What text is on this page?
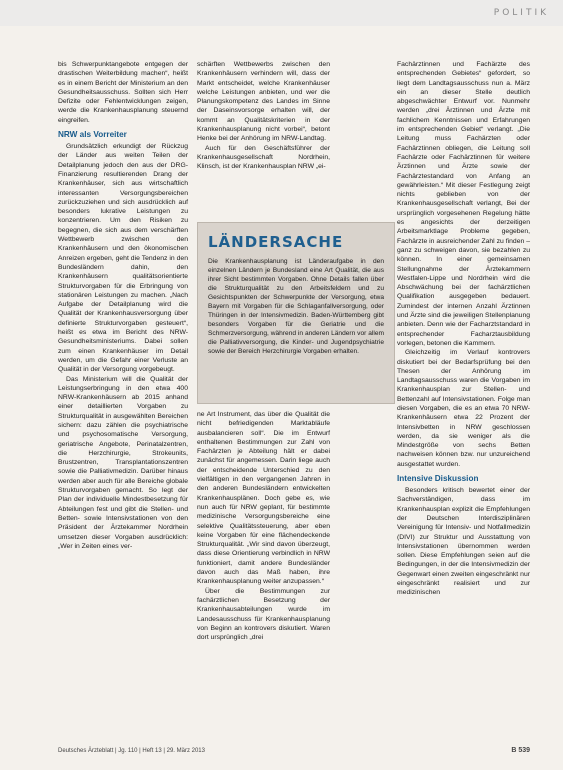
POLITIK

bis Schwerpunktangebote entgegen der drastischen Weiterbildung machen“, heißt es in einem Bericht der Ministerium an den Gesundheitsausschuss. Sollten sich Herr Defizite oder Fehlentwicklungen zeigen, werde die Krankenhausplanung steuernd eingreifen.

NRW als Vorreiter

Grundsätzlich erkundigt der Rückzug der Länder aus weiten Teilen der Detailplanung jedoch den aus der DRG-Finanzierung resultierenden Drang der Krankenhäuser, sich aus wirtschaftlich interessanten Versorgungsbereichen zurückzuziehen und sich ausdrücklich auf besonders lukrative Leistungen zu konzentrieren. Um den Risiken zu begegnen, die sich aus dem verschärften Wettbewerb zwischen den Krankenhäusern und den ökonomischen Anreizen ergeben, geht die Tendenz in den Bundesländern dahin, den Krankenhäusern qualitätsorientierte Strukturvorgaben für die Erbringung von stationären Leistungen zu machen. „Nach Aufgabe der Detailplanung wird die Qualität der Krankenhausversorgung über definierte Strukturvorgaben gesteuert“, heißt es etwa im Bericht des NRW-Gesundheitsministeriums. Dabei sollen zum einen Krankenhäuser im Detail werden, um die Gefahr einer Verluste an Qualität in der Versorgung vorgebeugt.

Das Ministerium will die Qualität der Leistungserbringung in den etwa 400 NRW-Krankenhäusern ab 2015 anhand einer detaillierten Vorgaben zu Strukturqualität in ausgewählten Bereichen sichern: dazu zählen die psychiatrische und psychosomatische Versorgung, geriatrische Angebote, Perinatalzentren, die Herzchirurgie, Strokeunits, Brustzentren, Transplantationszentren sowie die Palliativmedizin. Darüber hinaus werden aber auch für alle Bereiche globale Strukturvorgaben gemacht. So legt der Plan der individuelle Mindestbesetzung für Abteilungen fest und gibt die Stellen- und Betten- sowie Intensivstationen von den Präsident der Ärztekammer Nordrhein umsetzen dieser Vorgaben ausdrücklich: „Wer in Zeiten eines ver-

schärften Wettbewerbs zwischen den Krankenhäusern verhindern will, dass der Markt entscheidet, welche Krankenhäuser welche Leistungen anbieten, und wer die Planungskompetenz des Landes im Sinne der Daseinsvorsorge erhalten will, der kommt an Qualitätskriterien in der Krankenhausplanung nicht vorbei“, betont Henke bei der Anhörung im NRW-Landtag.

Auch für den Geschäftsführer der Krankenhausgesellschaft Nordrhein, Klinsch, ist der Krankenhausplan NRW „ei-

LÄNDERSACHE
Die Krankenhausplanung ist Länderaufgabe in den einzelnen Ländern je Bundesland eine Art Qualität, die aus ihrer Sicht bestimmten Vorgaben. Ohne Details fallen über die Strukturqualität zu den Arbeitsfeldern und zu Gesichtspunkten der Schwerpunkte der Versorgung, etwa Bayern mit Vorgaben für die Schlaganfallversorgung, oder Thüringen in der Intensivmedizin. Baden-Württemberg gibt besonders Vorgaben für die Geriatrie und die Schmerzversorgung, während in anderen Ländern vor allem die Palliativversorgung, die Kinder- und Jugendpsychiatrie sowie der Bereich Herzchirurgie Vorgaben erhalten.

ne Art Instrument, das über die Qualität die nicht befriedigenden Marktabläufe ausbalancieren soll“. Die im Entwurf enthaltenen Bestimmungen zur Zahl von Fachärzten je Abteilung hält er dabei zunächst für angemessen. Darin liege auch der entscheidende Unterschied zu den vielfältigen in den vergangenen Jahren in den anderen Bundesländern entwickelten Krankenhausplänen. Doch gebe es, wie nun auch für NRW geplant, für bestimmte medizinische Versorgungsbereiche eine selektive Qualitätssteuerung, aber eben keine Vorgaben für eine flächendeckende Strukturqualität. „Wir sind davon überzeugt, dass diese Orientierung verbindlich in NRW funktioniert, damit andere Bundesländer davon auch das Maß haben, ihre Krankenhausplanung weiter anzupassen.“

Über die Bestimmungen zur fachärztlichen Besetzung der Krankenhausabteilungen wurde im Landesausschuss für Krankenhausplanung von Beginn an kontrovers diskutiert. Waren dort ursprünglich „drei

Fachärztinnen und Fachärzte des entsprechenden Gebietes“ gefordert, so liegt dem Landtagsausschuss nun a. März ein an dieser Stelle deutlich abgeschwächter Entwurf vor. Nunmehr werden „drei Ärztinnen und Ärzte mit fachlichem Kenntnissen und Erfahrungen im entsprechenden Gebiet“ verlangt. „Die Leitung muss Fachärzten oder Fachärztinnen obliegen, die Leitung soll Fachärzte oder Fachärztinnen für weitere Ärztinnen und Ärzte sowie der Fachärztestandard von Anfang an gewährleisten.“ Mit dieser Festlegung zeigt nichts geblieben von der Krankenhausgesellschaft verlangt, Bei der ursprünglich vorgesehenen Regelung hätte es angesichts der derzeitigen Arbeitsmarktlage Probleme gegeben, Fachärzte in ausreichender Zahl zu finden – ganz zu schweigen davon, sie bezahlen zu können. In einer gemeinsamen Stellungnahme der Ärztekammern Westfalen-Lippe und Nordrhein wird die Abschwächung bei der fachärztlichen Qualifikation ausgegeben bedauert. Zumindest der internen Anzahl Ärztinnen und Ärzte sind die jeweiligen Stellenplanung anbieten. Denn wie der Facharztstandard in entsprechender Facharztausbildung vorlegen, betonen die Kammern.

Gleichzeitig im Verlauf kontrovers diskutiert bei der Bedarfsprüfung bei den Thesen der Anhörung im Landtagsausschuss waren die Vorgaben im Krankenhausplan zur Stellen- und Bettenzahl auf Intensivstationen. Folge man diesen Vorgaben, die es an etwa 70 NRW-Krankenhäusern etwa 22 Prozent der Intensivbetten in NRW geschlossen werden, da sie weniger als die Mindestgröße von sechs Betten nachweisen können bzw. nur unzureichend ausgestattet wurden.

Intensive Diskussion

Besonders kritisch bewertet einer der Sachverständigen, dass im Krankenhausplan explizit die Empfehlungen der Deutschen Interdisziplinären Vereinigung für Intensiv- und Notfallmedizin (DIVI) zur Struktur und Ausstattung von Intensivstationen übernommen werden sollen. Diese Empfehlungen seien auf die Bedingungen, in der die Intensivmedizin der Gegenwart einen zweiten eingeschränkt nur eingeschränkt realisiert und zur medizinischen

Deutsches Ärzteblatt | Jg. 110 | Heft 13 | 29. März 2013	B 539
